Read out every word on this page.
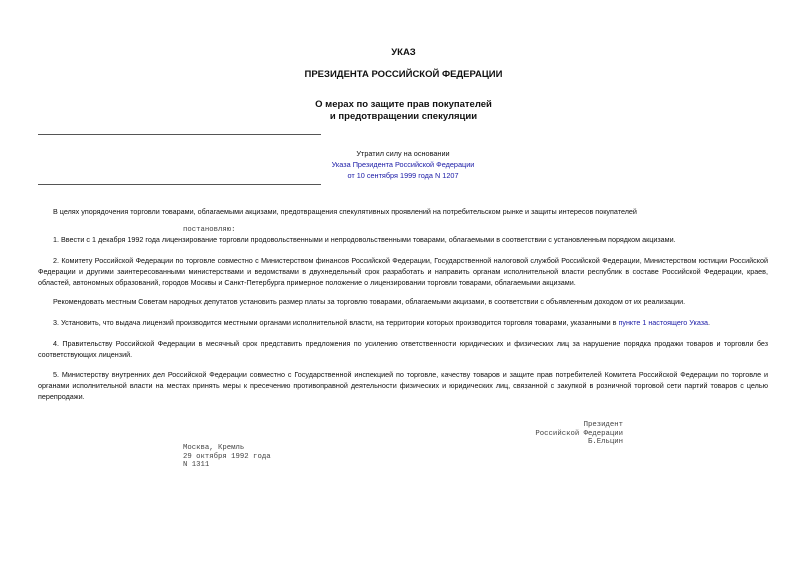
УКАЗ
ПРЕЗИДЕНТА РОССИЙСКОЙ ФЕДЕРАЦИИ
О мерах по защите прав покупателей
и предотвращении спекуляции
Утратил силу на основании
Указа Президента Российской Федерации
от 10 сентября 1999 года N 1207
В целях упорядочения торговли товарами, облагаемыми акцизами, предотвращения спекулятивных проявлений на потребительском рынке и защиты интересов покупателей
постановляю:
1. Ввести с 1 декабря 1992 года лицензирование торговли продовольственными и непродовольственными товарами, облагаемыми в соответствии с установленным порядком акцизами.
2. Комитету Российской Федерации по торговле совместно с Министерством финансов Российской Федерации, Государственной налоговой службой Российской Федерации, Министерством юстиции Российской Федерации и другими заинтересованными министерствами и ведомствами в двухнедельный срок разработать и направить органам исполнительной власти республик в составе Российской Федерации, краев, областей, автономных образований, городов Москвы и Санкт-Петербурга примерное положение о лицензировании торговли товарами, облагаемыми акцизами.
Рекомендовать местным Советам народных депутатов установить размер платы за торговлю товарами, облагаемыми акцизами, в соответствии с объявленным доходом от их реализации.
3. Установить, что выдача лицензий производится местными органами исполнительной власти, на территории которых производится торговля товарами, указанными в пункте 1 настоящего Указа.
4. Правительству Российской Федерации в месячный срок представить предложения по усилению ответственности юридических и физических лиц за нарушение порядка продажи товаров и торговли без соответствующих лицензий.
5. Министерству внутренних дел Российской Федерации совместно с Государственной инспекцией по торговле, качеству товаров и защите прав потребителей Комитета Российской Федерации по торговле и органами исполнительной власти на местах принять меры к пресечению противоправной деятельности физических и юридических лиц, связанной с закупкой в розничной торговой сети партий товаров с целью перепродажи.
Президент
Российской Федерации
Б.Ельцин
Москва, Кремль
29 октября 1992 года
N 1311
